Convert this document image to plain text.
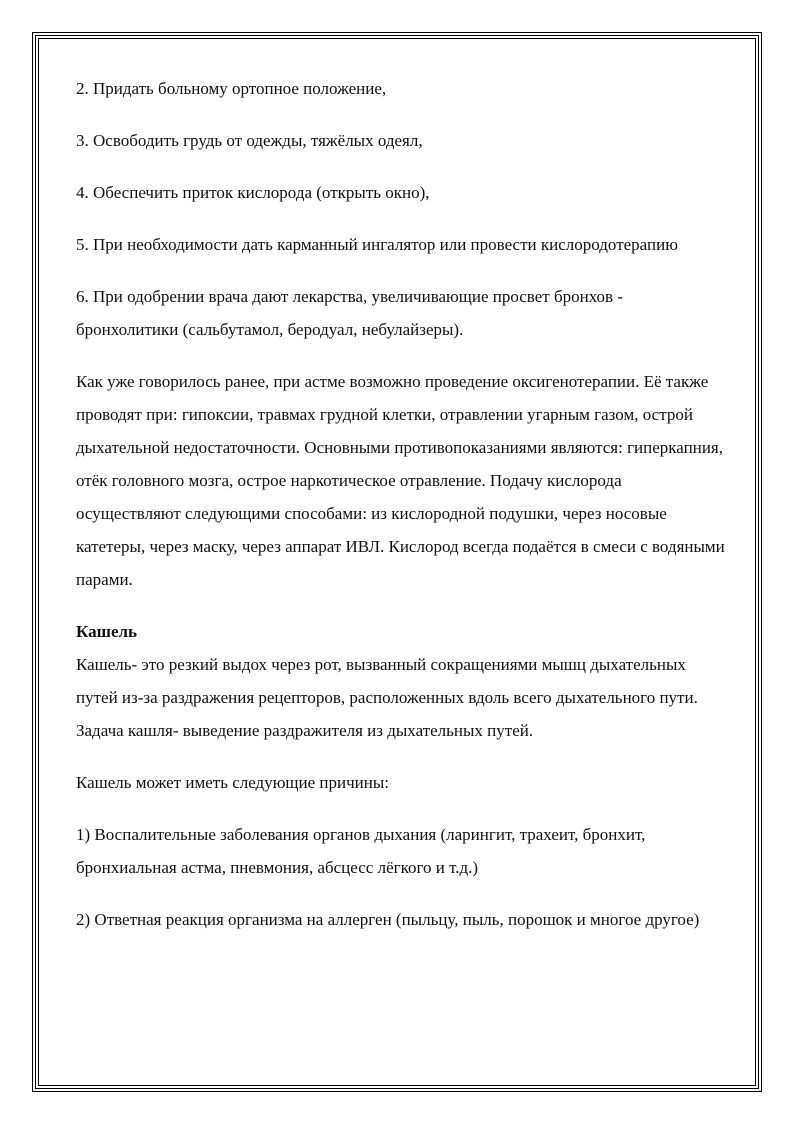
2. Придать больному ортопное положение,

3. Освободить грудь от одежды, тяжёлых одеял,

4. Обеспечить приток кислорода (открыть окно),

5. При необходимости дать карманный ингалятор или провести кислородотерапию

6. При одобрении врача дают лекарства, увеличивающие просвет бронхов - бронхолитики (сальбутамол, беродуал, небулайзеры).

Как уже говорилось ранее, при астме возможно проведение оксигенотерапии. Её также проводят при: гипоксии, травмах грудной клетки, отравлении угарным газом, острой дыхательной недостаточности. Основными противопоказаниями являются: гиперкапния, отёк головного мозга, острое наркотическое отравление. Подачу кислорода осуществляют следующими способами: из кислородной подушки, через носовые катетеры, через маску, через аппарат ИВЛ. Кислород всегда подаётся в смеси с водяными парами.

Кашель

Кашель- это резкий выдох через рот, вызванный сокращениями мышц дыхательных путей из-за раздражения рецепторов, расположенных вдоль всего дыхательного пути. Задача кашля- выведение раздражителя из дыхательных путей.

Кашель может иметь следующие причины:

1) Воспалительные заболевания органов дыхания (ларингит, трахеит, бронхит, бронхиальная астма, пневмония, абсцесс лёгкого и т.д.)

2) Ответная реакция организма на аллерген (пыльцу, пыль, порошок и многое другое)
